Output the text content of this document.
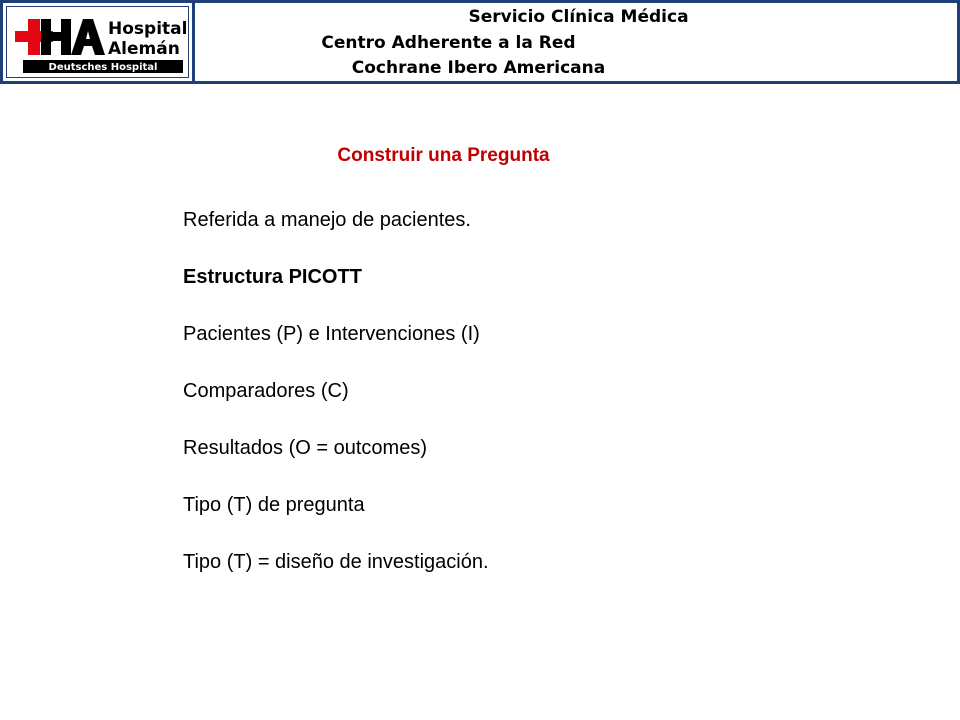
Hospital
Alemán
Deutsches Hospital
Servicio Clínica Médica
Centro Adherente a la Red
Cochrane Ibero Americana
Construir una Pregunta

Referida a manejo de pacientes.

Estructura PICOTT

Pacientes (P) e Intervenciones (I)

Comparadores (C)

Resultados (O = outcomes)

Tipo (T) de pregunta

Tipo (T) = diseño de investigación.
